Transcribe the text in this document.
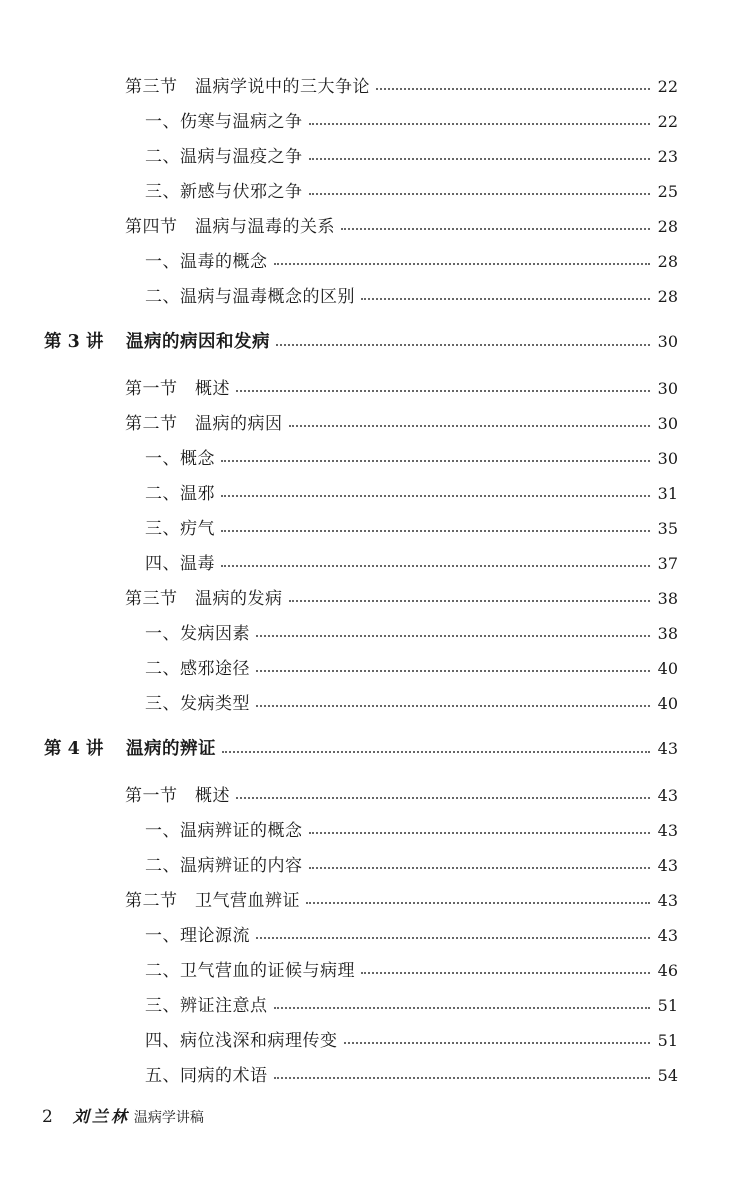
第三节　温病学说中的三大争论	22
一、伤寒与温病之争	22
二、温病与温疫之争	23
三、新感与伏邪之争	25
第四节　温病与温毒的关系	28
一、温毒的概念	28
二、温病与温毒概念的区别	28
第 3 讲	温病的病因和发病	30
第一节　概述	30
第二节　温病的病因	30
一、概念	30
二、温邪	31
三、疠气	35
四、温毒	37
第三节　温病的发病	38
一、发病因素	38
二、感邪途径	40
三、发病类型	40
第 4 讲	温病的辨证	43
第一节　概述	43
一、温病辨证的概念	43
二、温病辨证的内容	43
第二节　卫气营血辨证	43
一、理论源流	43
二、卫气营血的证候与病理	46
三、辨证注意点	51
四、病位浅深和病理传变	51
五、同病的术语	54
2 刘兰林 温病学讲稿
